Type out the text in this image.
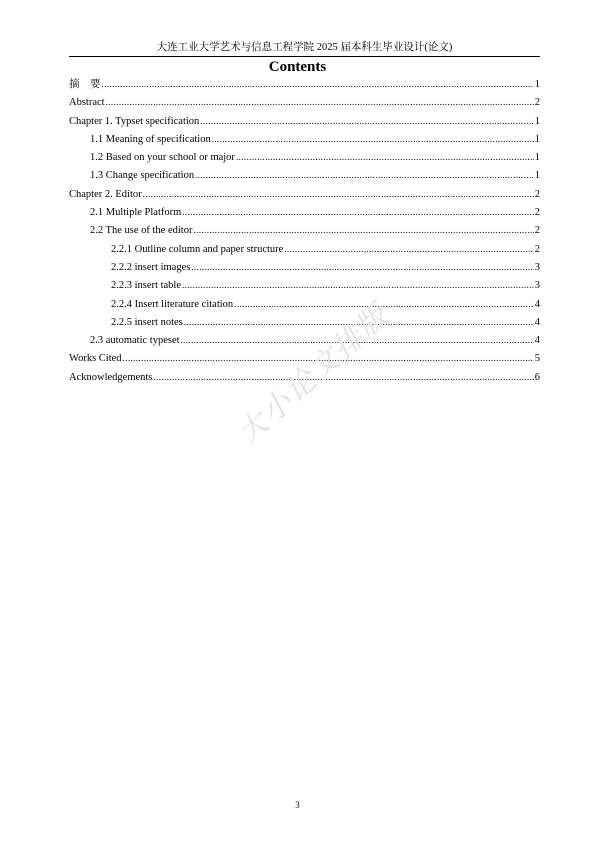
大连工业大学艺术与信息工程学院 2025 届本科生毕业设计(论文)
Contents
摘　要 .....	1
Abstract .....	2
Chapter 1. Typset specification .....	1
1.1 Meaning of specification .....	1
1.2 Based on your school or major .....	1
1.3 Change specification .....	1
Chapter 2. Editor .....	2
2.1 Multiple Platform .....	2
2.2 The use of the editor .....	2
2.2.1 Outline column and paper structure .....	2
2.2.2 insert images .....	3
2.2.3 insert table .....	3
2.2.4 Insert literature citation .....	4
2.2.5 insert notes .....	4
2.3 automatic typeset .....	4
Works Cited .....	5
Acknowledgements .....	6
大小论文排版
3
